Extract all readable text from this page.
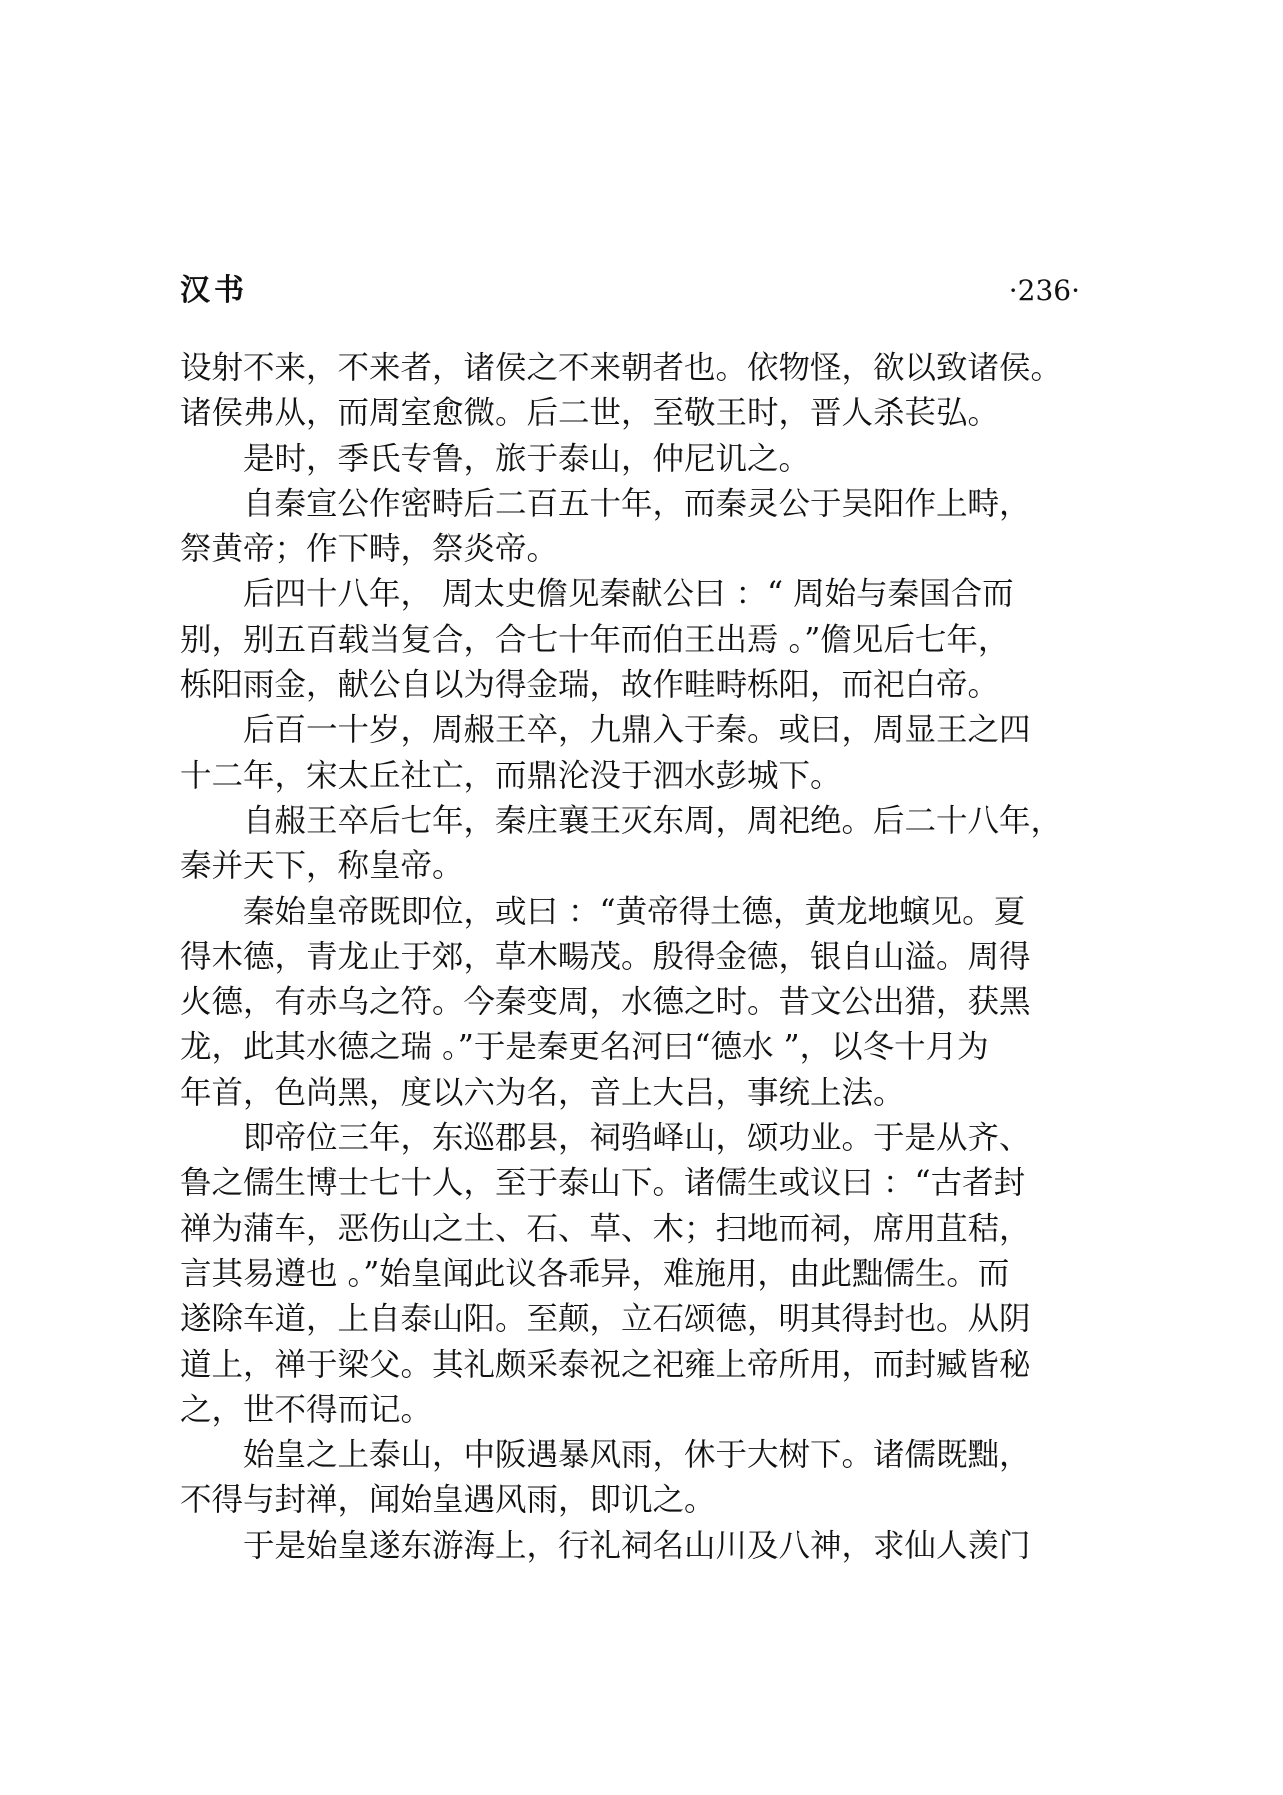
汉书	·236·
设射不来，不来者，诸侯之不来朝者也。依物怪，欲以致诸侯。
诸侯弗从，而周室愈微。后二世，至敬王时，晋人杀苌弘。
是时，季氏专鲁，旅于泰山，仲尼讥之。
自秦宣公作密畤后二百五十年，而秦灵公于吴阳作上畤，
祭黄帝；作下畤，祭炎帝。
后四十八年， 周太史儋见秦献公曰 ：“ 周始与秦国合而
别，别五百载当复合，合七十年而伯王出焉 。”儋见后七年，
栎阳雨金，献公自以为得金瑞，故作畦畤栎阳，而祀白帝。
后百一十岁，周赧王卒，九鼎入于秦。或曰，周显王之四
十二年，宋太丘社亡，而鼎沦没于泗水彭城下。
自赧王卒后七年，秦庄襄王灭东周，周祀绝。后二十八年，
秦并天下，称皇帝。
秦始皇帝既即位，或曰 ：“黄帝得土德，黄龙地螾见。夏
得木德，青龙止于郊，草木畼茂。殷得金德，银自山溢。周得
火德，有赤乌之符。今秦变周，水德之时。昔文公出猎，获黑
龙，此其水德之瑞 。”于是秦更名河曰“德水 ”，以冬十月为
年首，色尚黑，度以六为名，音上大吕，事统上法。
即帝位三年，东巡郡县，祠驺峄山，颂功业。于是从齐、
鲁之儒生博士七十人，至于泰山下。诸儒生或议曰 ：“古者封
禅为蒲车，恶伤山之土、石、草、木；扫地而祠，席用苴秸，
言其易遵也 。”始皇闻此议各乖异，难施用，由此黜儒生。而
遂除车道，上自泰山阳。至颠，立石颂德，明其得封也。从阴
道上，禅于梁父。其礼颇采泰祝之祀雍上帝所用，而封臧皆秘
之，世不得而记。
始皇之上泰山，中阪遇暴风雨，休于大树下。诸儒既黜，
不得与封禅，闻始皇遇风雨，即讥之。
于是始皇遂东游海上，行礼祠名山川及八神，求仙人羡门
